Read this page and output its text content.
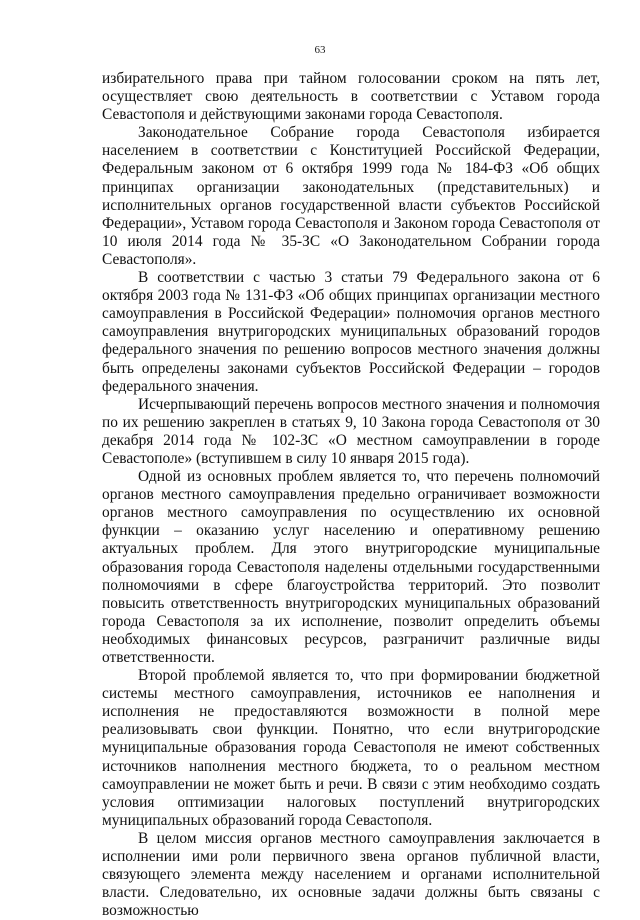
63

избирательного права при тайном голосовании сроком на пять лет, осуществляет свою деятельность в соответствии с Уставом города Севастополя и действующими законами города Севастополя.

Законодательное Собрание города Севастополя избирается населением в соответствии с Конституцией Российской Федерации, Федеральным законом от 6 октября 1999 года № 184-ФЗ «Об общих принципах организации законодательных (представительных) и исполнительных органов государственной власти субъектов Российской Федерации», Уставом города Севастополя и Законом города Севастополя от 10 июля 2014 года № 35-ЗС «О Законодательном Собрании города Севастополя».

В соответствии с частью 3 статьи 79 Федерального закона от 6 октября 2003 года № 131-ФЗ «Об общих принципах организации местного самоуправления в Российской Федерации» полномочия органов местного самоуправления внутригородских муниципальных образований городов федерального значения по решению вопросов местного значения должны быть определены законами субъектов Российской Федерации – городов федерального значения.

Исчерпывающий перечень вопросов местного значения и полномочия по их решению закреплен в статьях 9, 10 Закона города Севастополя от 30 декабря 2014 года № 102-ЗС «О местном самоуправлении в городе Севастополе» (вступившем в силу 10 января 2015 года).

Одной из основных проблем является то, что перечень полномочий органов местного самоуправления предельно ограничивает возможности органов местного самоуправления по осуществлению их основной функции – оказанию услуг населению и оперативному решению актуальных проблем. Для этого внутригородские муниципальные образования города Севастополя наделены отдельными государственными полномочиями в сфере благоустройства территорий. Это позволит повысить ответственность внутригородских муниципальных образований города Севастополя за их исполнение, позволит определить объемы необходимых финансовых ресурсов, разграничит различные виды ответственности.

Второй проблемой является то, что при формировании бюджетной системы местного самоуправления, источников ее наполнения и исполнения не предоставляются возможности в полной мере реализовывать свои функции. Понятно, что если внутригородские муниципальные образования города Севастополя не имеют собственных источников наполнения местного бюджета, то о реальном местном самоуправлении не может быть и речи. В связи с этим необходимо создать условия оптимизации налоговых поступлений внутригородских муниципальных образований города Севастополя.

В целом миссия органов местного самоуправления заключается в исполнении ими роли первичного звена органов публичной власти, связующего элемента между населением и органами исполнительной власти. Следовательно, их основные задачи должны быть связаны с возможностью
